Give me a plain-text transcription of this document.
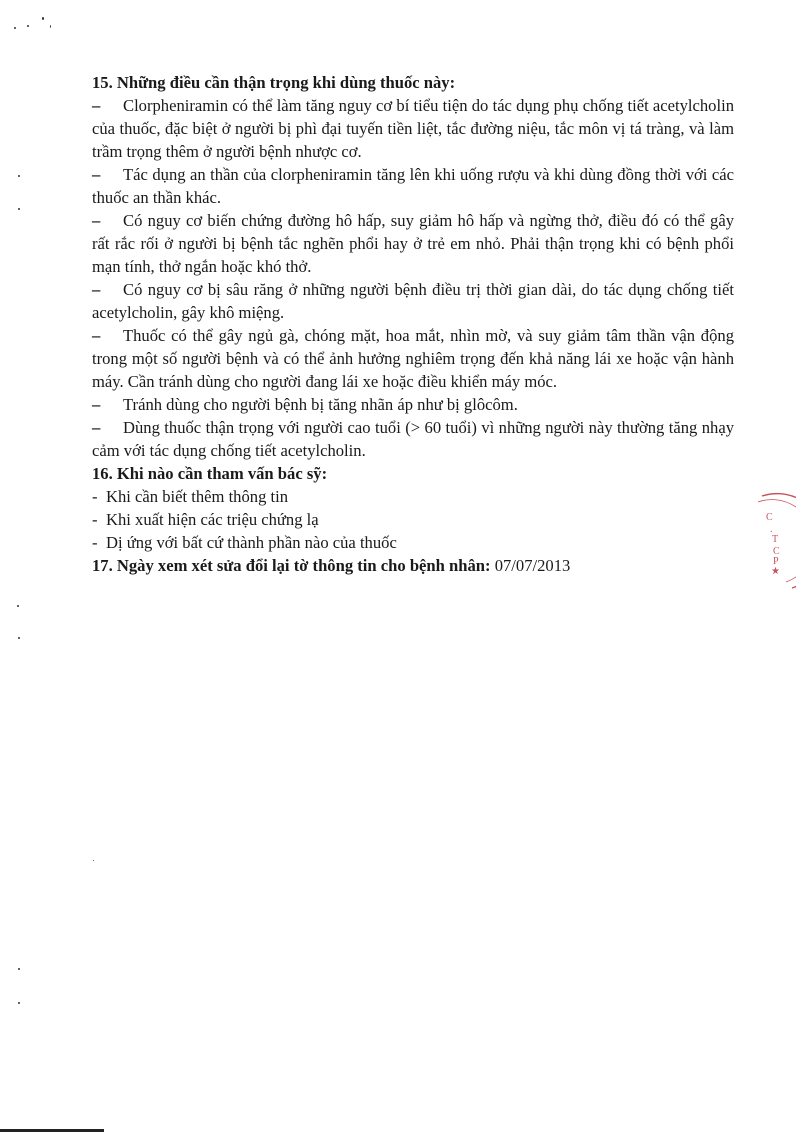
15. Những điều cần thận trọng khi dùng thuốc này:

– Clorpheniramin có thể làm tăng nguy cơ bí tiểu tiện do tác dụng phụ chống tiết acetylcholin của thuốc, đặc biệt ở người bị phì đại tuyến tiền liệt, tắc đường niệu, tắc môn vị tá tràng, và làm trầm trọng thêm ở người bệnh nhược cơ.

– Tác dụng an thần của clorpheniramin tăng lên khi uống rượu và khi dùng đồng thời với các thuốc an thần khác.

– Có nguy cơ biến chứng đường hô hấp, suy giảm hô hấp và ngừng thở, điều đó có thể gây rất rắc rối ở người bị bệnh tắc nghẽn phổi hay ở trẻ em nhỏ. Phải thận trọng khi có bệnh phổi mạn tính, thở ngắn hoặc khó thở.

– Có nguy cơ bị sâu răng ở những người bệnh điều trị thời gian dài, do tác dụng chống tiết acetylcholin, gây khô miệng.

– Thuốc có thể gây ngủ gà, chóng mặt, hoa mắt, nhìn mờ, và suy giảm tâm thần vận động trong một số người bệnh và có thể ảnh hưởng nghiêm trọng đến khả năng lái xe hoặc vận hành máy. Cần tránh dùng cho người đang lái xe hoặc điều khiển máy móc.

– Tránh dùng cho người bệnh bị tăng nhãn áp như bị glôcôm.

– Dùng thuốc thận trọng với người cao tuổi (> 60 tuổi) vì những người này thường tăng nhạy cảm với tác dụng chống tiết acetylcholin.

16. Khi nào cần tham vấn bác sỹ:

- Khi cần biết thêm thông tin

- Khi xuất hiện các triệu chứng lạ

- Dị ứng với bất cứ thành phần nào của thuốc

17. Ngày xem xét sửa đổi lại tờ thông tin cho bệnh nhân: 07/07/2013

C
.
T
C
P
★
